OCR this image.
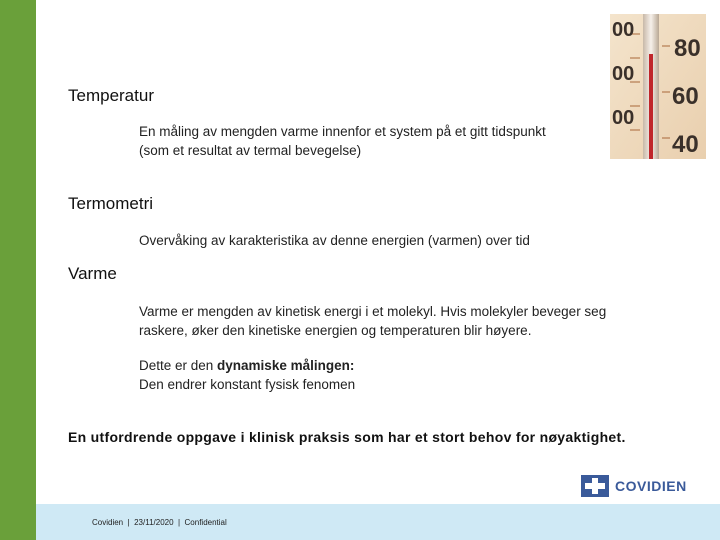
00
80
00
60
00
40
Temperatur
En måling av mengden varme innenfor et system på et gitt tidspunkt
(som et resultat av termal bevegelse)
Termometri
Overvåking av karakteristika av denne energien (varmen) over tid
Varme
Varme er mengden av kinetisk energi i et molekyl. Hvis molekyler beveger seg
raskere, øker den kinetiske energien og temperaturen blir høyere.
Dette er den dynamiske målingen:
Den endrer konstant fysisk fenomen
En utfordrende oppgave i klinisk praksis som har et stort behov for nøyaktighet.
COVIDIEN
Covidien  |  23/11/2020  |  Confidential
